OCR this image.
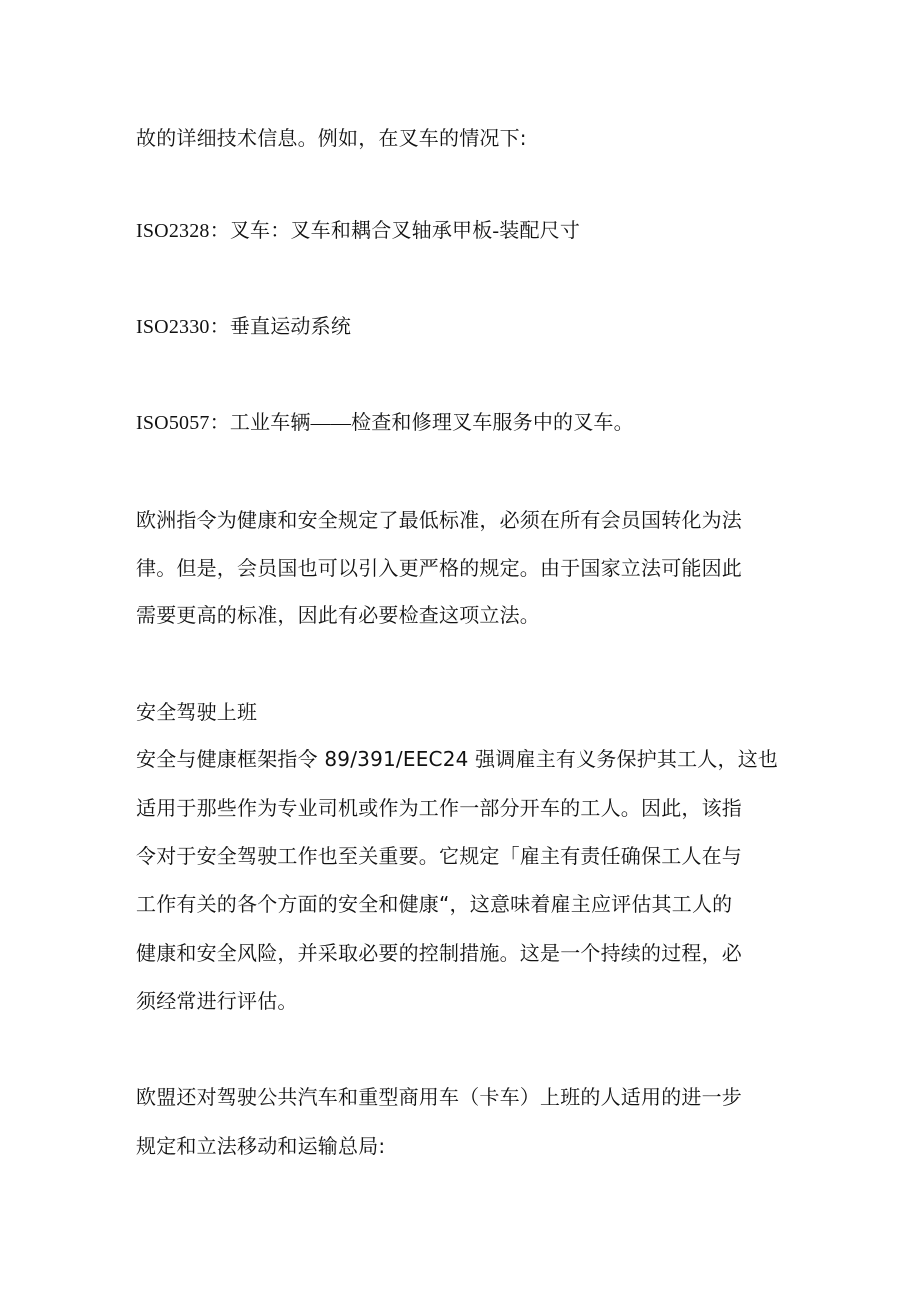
故的详细技术信息。例如，在叉车的情况下:
ISO2328：叉车：叉车和耦合叉轴承甲板-装配尺寸
ISO2330：垂直运动系统
ISO5057：工业车辆——检查和修理叉车服务中的叉车。
欧洲指令为健康和安全规定了最低标准，必须在所有会员国转化为法
律。但是，会员国也可以引入更严格的规定。由于国家立法可能因此
需要更高的标准，因此有必要检查这项立法。
安全驾驶上班
安全与健康框架指令 89/391/EEC24 强调雇主有义务保护其工人，这也
适用于那些作为专业司机或作为工作一部分开车的工人。因此，该指
令对于安全驾驶工作也至关重要。它规定「雇主有责任确保工人在与
工作有关的各个方面的安全和健康“，这意味着雇主应评估其工人的
健康和安全风险，并采取必要的控制措施。这是一个持续的过程，必
须经常进行评估。
欧盟还对驾驶公共汽车和重型商用车（卡车）上班的人适用的进一步
规定和立法移动和运输总局:
